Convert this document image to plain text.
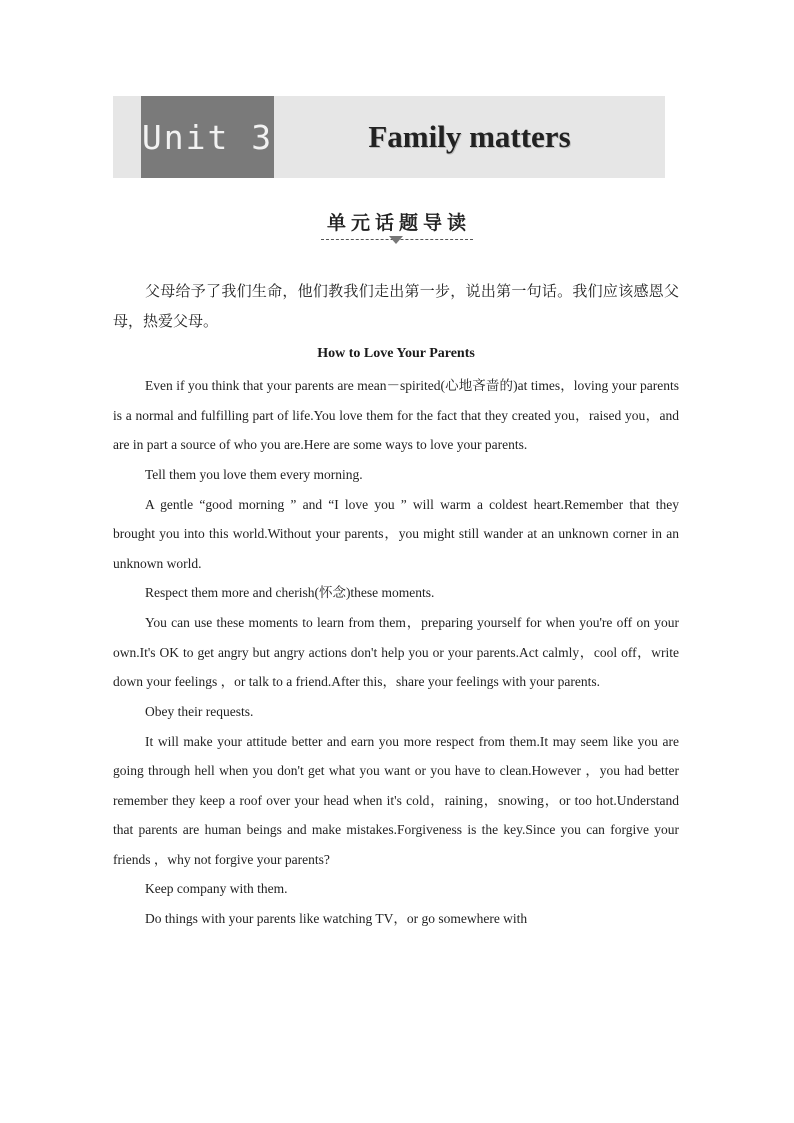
Unit 3	Family matters
单元话题导读

父母给予了我们生命，他们教我们走出第一步，说出第一句话。我们应该感恩父母，热爱父母。

How to Love Your Parents

Even if you think that your parents are mean－spirited(心地吝啬的)at times，loving your parents is a normal and fulfilling part of life.You love them for the fact that they created you，raised you，and are in part a source of who you are.Here are some ways to love your parents.

Tell them you love them every morning.

A gentle “good morning ” and “I love you ” will warm a coldest heart.Remember that they brought you into this world.Without your parents，you might still wander at an unknown corner in an unknown world.

Respect them more and cherish(怀念)these moments.

You can use these moments to learn from them，preparing yourself for when you're off on your own.It's OK to get angry but angry actions don't help you or your parents.Act calmly，cool off，write down your feelings ，or talk to a friend.After this，share your feelings with your parents.

Obey their requests.

It will make your attitude better and earn you more respect from them.It may seem like you are going through hell when you don't get what you want or you have to clean.However ，you had better remember they keep a roof over your head when it's cold，raining，snowing，or too hot.Understand that parents are human beings and make mistakes.Forgiveness is the key.Since you can forgive your friends ，why not forgive your parents?

Keep company with them.

Do things with your parents like watching TV，or go somewhere with
